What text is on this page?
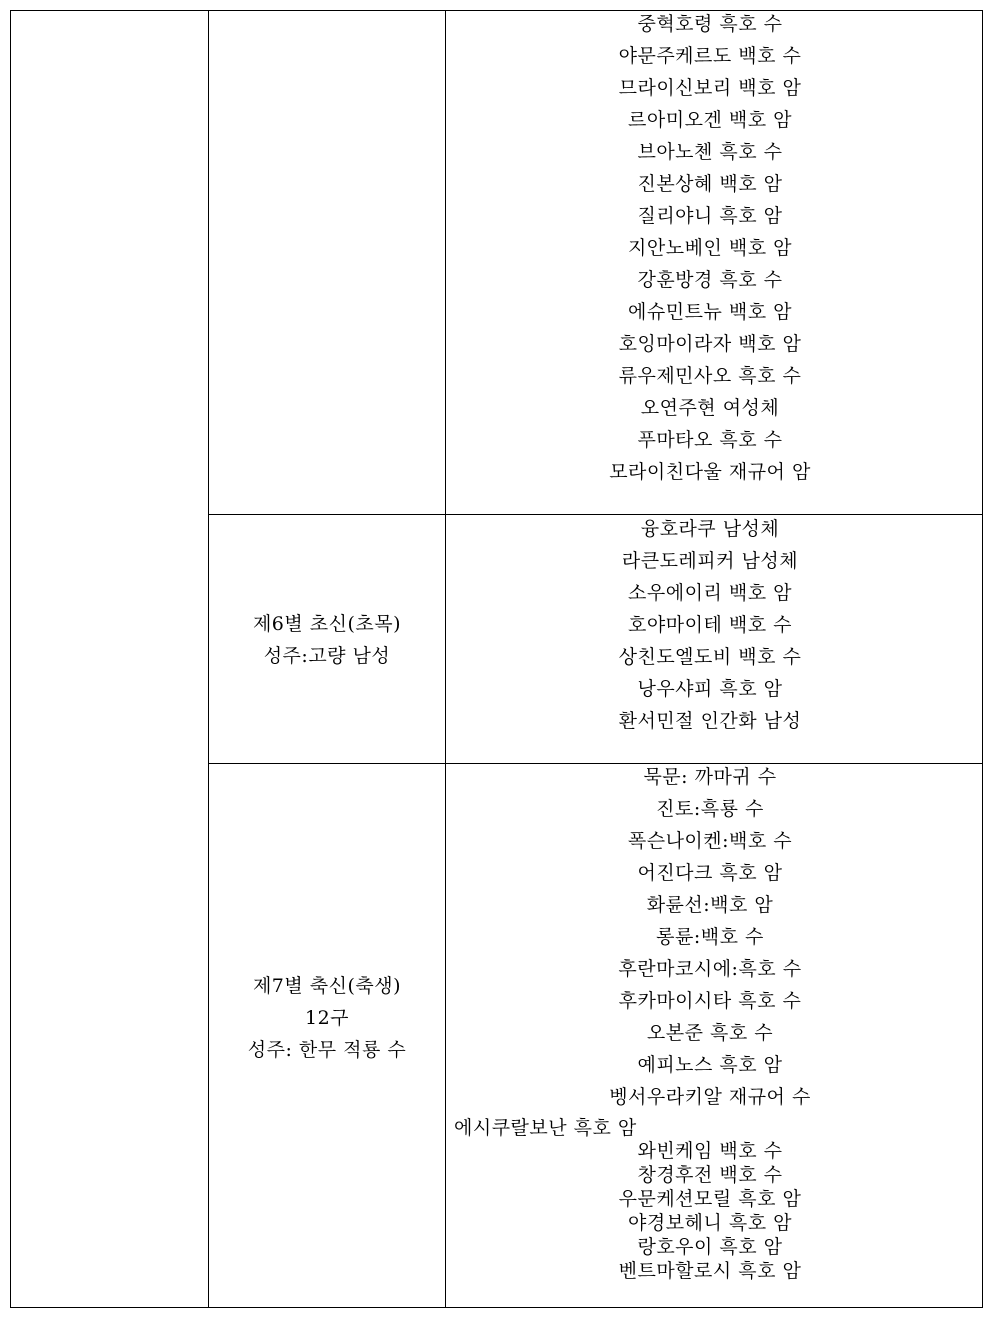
중혁호령 흑호 수
야문주케르도 백호 수
므라이신보리 백호 암
르아미오겐 백호 암
브아노첸 흑호 수
진본상혜 백호 암
질리야니 흑호 암
지안노베인 백호 암
강훈방경 흑호 수
에슈민트뉴 백호 암
호잉마이라자 백호 암
류우제민사오 흑호 수
오연주현 여성체
푸마타오 흑호 수
모라이친다울 재규어 암
제6별 초신(초목)
성주:고량 남성
융호라쿠 남성체
라큰도레피커 남성체
소우에이리 백호 암
호야마이테 백호 수
상친도엘도비 백호 수
낭우샤피 흑호 암
환서민절 인간화 남성
제7별 축신(축생)
12구
성주: 한무 적룡 수
묵문: 까마귀 수
진토:흑룡 수
폭슨나이켄:백호 수
어진다크 흑호 암
화륜선:백호 암
롱륜:백호 수
후란마코시에:흑호 수
후카마이시타 흑호 수
오본준 흑호 수
예피노스 흑호 암
벵서우라키알 재규어 수
에시쿠랄보난 흑호 암
와빈케임 백호 수
창경후전 백호 수
우문케션모릴 흑호 암
야경보헤니 흑호 암
랑호우이 흑호 암
벤트마할로시 흑호 암
